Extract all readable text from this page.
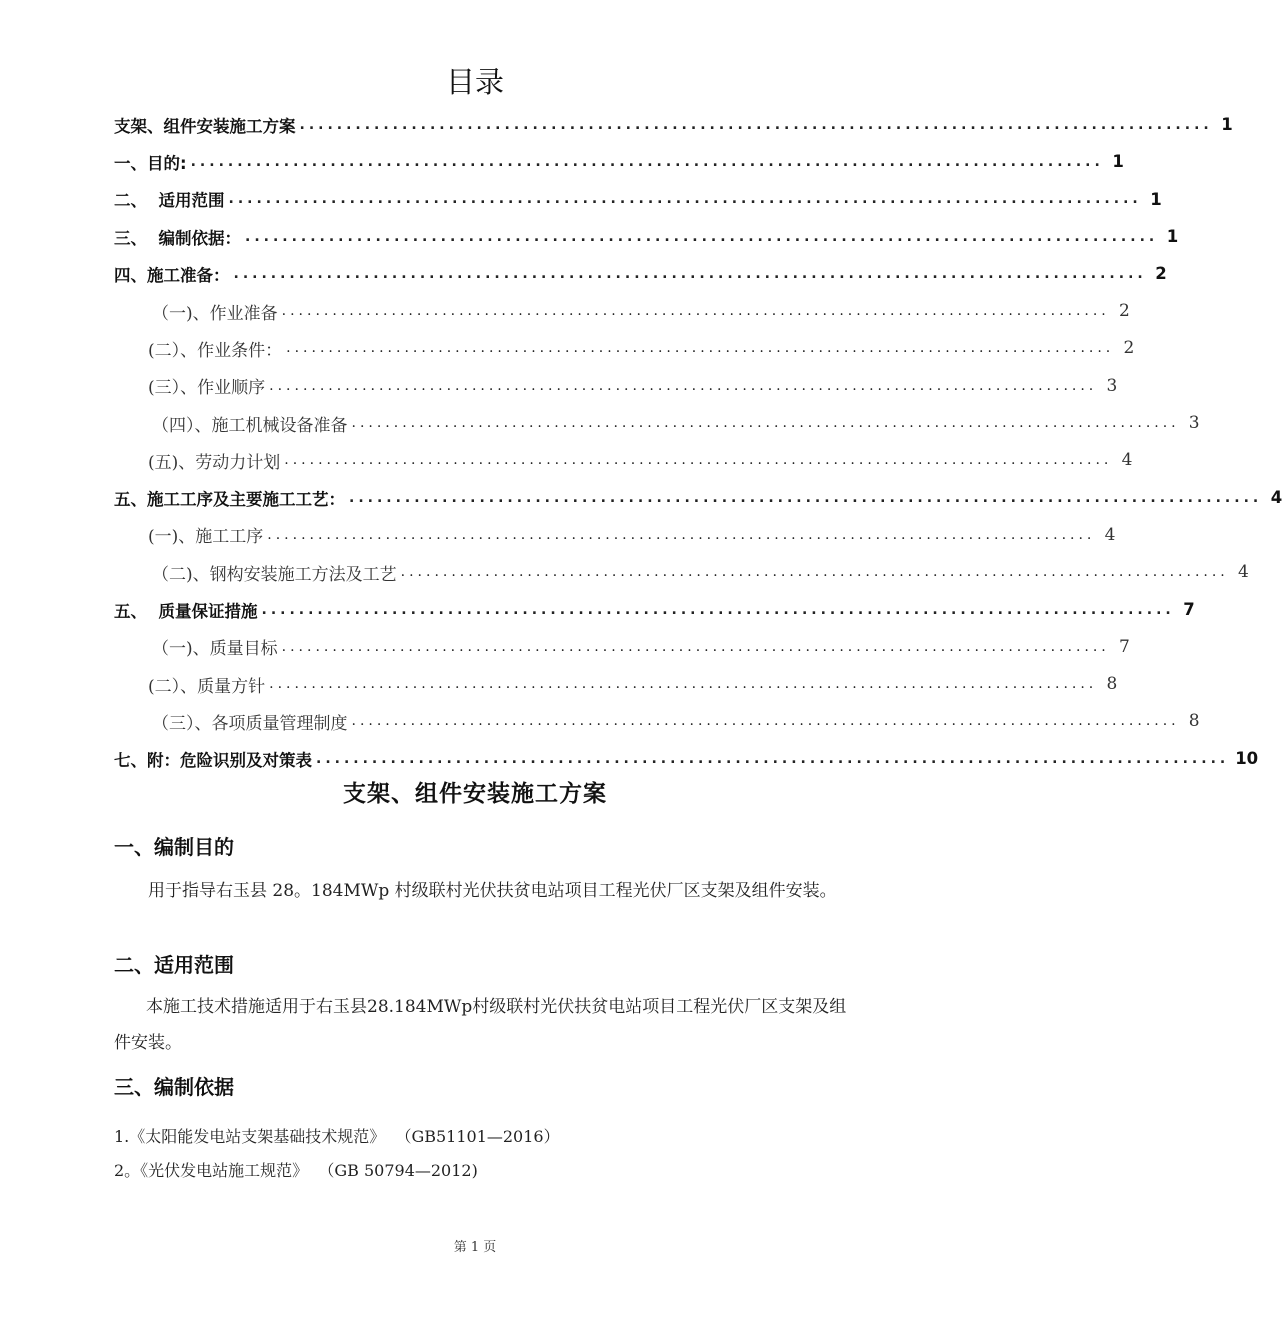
目录
支架、组件安装施工方案 .................................................................................................. 1
一、目的: .................................................................................................. 1
二、  适用范围 .................................................................................................. 1
三、  编制依据： .................................................................................................. 1
四、施工准备： .................................................................................................. 2
（一)、作业准备 .................................................................................................. 2
(二）、作业条件： .................................................................................................. 2
(三）、作业顺序 .................................................................................................. 3
（四）、施工机械设备准备 .................................................................................................. 3
(五)、劳动力计划 .................................................................................................. 4
五、施工工序及主要施工工艺： .................................................................................................. 4
(一)、施工工序 .................................................................................................. 4
（二)、钢构安装施工方法及工艺 .................................................................................................. 4
五、  质量保证措施 .................................................................................................. 7
（一)、质量目标 .................................................................................................. 7
(二）、质量方针 .................................................................................................. 8
（三）、各项质量管理制度 .................................................................................................. 8
七、附：危险识别及对策表 .................................................................................................. 10
支架、组件安装施工方案
一、编制目的
用于指导右玉县 28。184MWp 村级联村光伏扶贫电站项目工程光伏厂区支架及组件安装。
二、适用范围
本施工技术措施适用于右玉县28.184MWp村级联村光伏扶贫电站项目工程光伏厂区支架及组件安装。
三、编制依据
1.《太阳能发电站支架基础技术规范》  （GB51101—2016）
2。《光伏发电站施工规范》  （GB 50794—2012)
第 1 页
